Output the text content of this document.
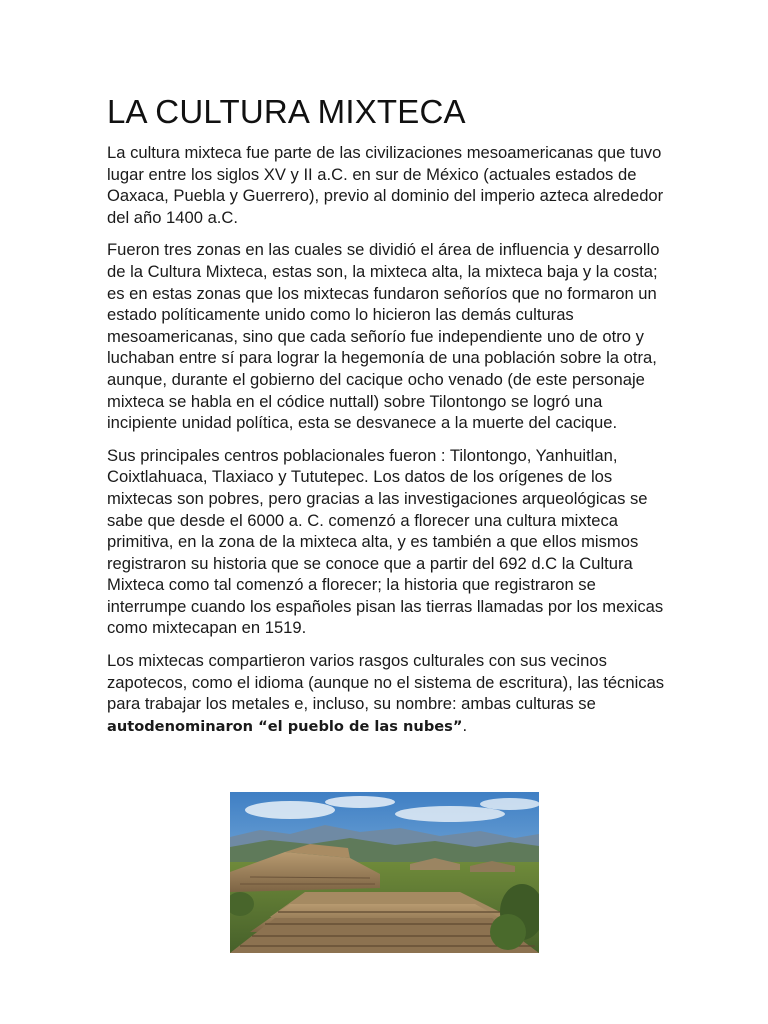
LA CULTURA MIXTECA

La cultura mixteca fue parte de las civilizaciones mesoamericanas que tuvo lugar entre los siglos XV y II a.C. en sur de México (actuales estados de Oaxaca, Puebla y Guerrero), previo al dominio del imperio azteca alrededor del año 1400 a.C.

Fueron tres zonas en las cuales se dividió el área de influencia y desarrollo de la Cultura Mixteca, estas son, la mixteca alta, la mixteca baja y la costa; es en estas zonas que los mixtecas fundaron señoríos que no formaron un estado políticamente unido como lo hicieron las demás culturas mesoamericanas, sino que cada señorío fue independiente uno de otro y luchaban entre sí para lograr la hegemonía de una población sobre la otra, aunque, durante el gobierno del cacique ocho venado (de este personaje mixteca se habla en el códice nuttall) sobre Tilontongo se logró una incipiente unidad política, esta se desvanece a la muerte del cacique.

Sus principales centros poblacionales fueron : Tilontongo, Yanhuitlan, Coixtlahuaca, Tlaxiaco y Tututepec. Los datos de los orígenes de los mixtecas son pobres, pero gracias a las investigaciones arqueológicas se sabe que desde el 6000 a. C. comenzó a florecer una cultura mixteca primitiva, en la zona de la mixteca alta, y es también a que ellos mismos registraron su historia que se conoce que a partir del 692 d.C la Cultura Mixteca como tal comenzó a florecer; la historia que registraron se interrumpe cuando los españoles pisan las tierras llamadas por los mexicas como mixtecapan en 1519.

Los mixtecas compartieron varios rasgos culturales con sus vecinos zapotecos, como el idioma (aunque no el sistema de escritura), las técnicas para trabajar los metales e, incluso, su nombre: ambas culturas se autodenominaron “el pueblo de las nubes”.
